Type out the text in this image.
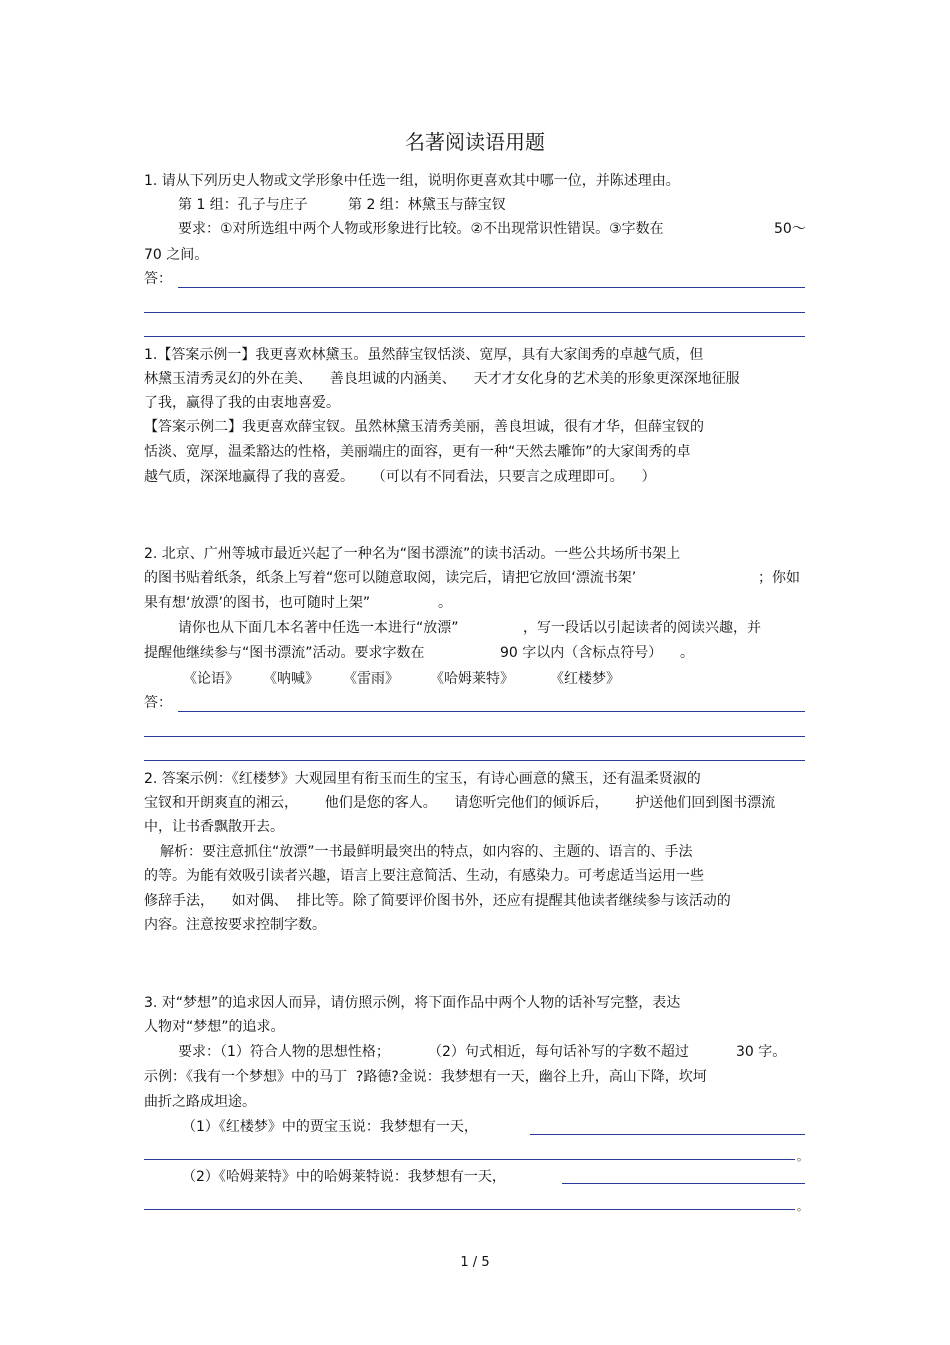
名著阅读语用题
1. 请从下列历史人物或文学形象中任选一组，说明你更喜欢其中哪一位，并陈述理由。
第 1 组：孔子与庄子	第 2 组：林黛玉与薛宝钗
要求：①对所选组中两个人物或形象进行比较。②不出现常识性错误。③字数在	50～
70 之间。
答：
1.【答案示例一】我更喜欢林黛玉。虽然薛宝钗恬淡、宽厚，具有大家闺秀的卓越气质，但
林黛玉清秀灵幻的外在美、    善良坦诚的内涵美、    天才才女化身的艺术美的形象更深深地征服
了我，赢得了我的由衷地喜爱。
【答案示例二】我更喜欢薛宝钗。虽然林黛玉清秀美丽，善良坦诚，很有才华，但薛宝钗的
恬淡、宽厚，温柔豁达的性格，美丽端庄的面容，更有一种“天然去雕饰”的大家闺秀的卓
越气质，深深地赢得了我的喜爱。    （可以有不同看法，只要言之成理即可。    ）
2. 北京、广州等城市最近兴起了一种名为“图书漂流”的读书活动。一些公共场所书架上
的图书贴着纸条，纸条上写着“您可以随意取阅，读完后，请把它放回‘漂流书架’	；你如
果有想‘放漂’的图书，也可随时上架”	。
请你也从下面几本名著中任选一本进行“放漂”	，写一段话以引起读者的阅读兴趣，并
提醒他继续参与“图书漂流”活动。要求字数在	90 字以内（含标点符号） 。
《论语》 《呐喊》 《雷雨》 《哈姆莱特》	《红楼梦》
答：
2. 答案示例：《红楼梦》大观园里有衔玉而生的宝玉，有诗心画意的黛玉，还有温柔贤淑的
宝钗和开朗爽直的湘云，      他们是您的客人。    请您听完他们的倾诉后，      护送他们回到图书漂流
中，让书香飘散开去。
解析：要注意抓住“放漂”一书最鲜明最突出的特点，如内容的、主题的、语言的、手法
的等。为能有效吸引读者兴趣，语言上要注意简活、生动，有感染力。可考虑适当运用一些
修辞手法，    如对偶、  排比等。除了简要评价图书外，还应有提醒其他读者继续参与该活动的
内容。注意按要求控制字数。
3. 对“梦想”的追求因人而异，请仿照示例，将下面作品中两个人物的话补写完整，表达
人物对“梦想”的追求。
要求：（1）符合人物的思想性格；	（2）句式相近，每句话补写的字数不超过	30 字。
示例：《我有一个梦想》中的马丁  ?路德?金说：我梦想有一天，幽谷上升，高山下降，坎坷
曲折之路成坦途。
（1）《红楼梦》中的贾宝玉说：我梦想有一天，
。
（2）《哈姆莱特》中的哈姆莱特说：我梦想有一天，
。
1 / 5
